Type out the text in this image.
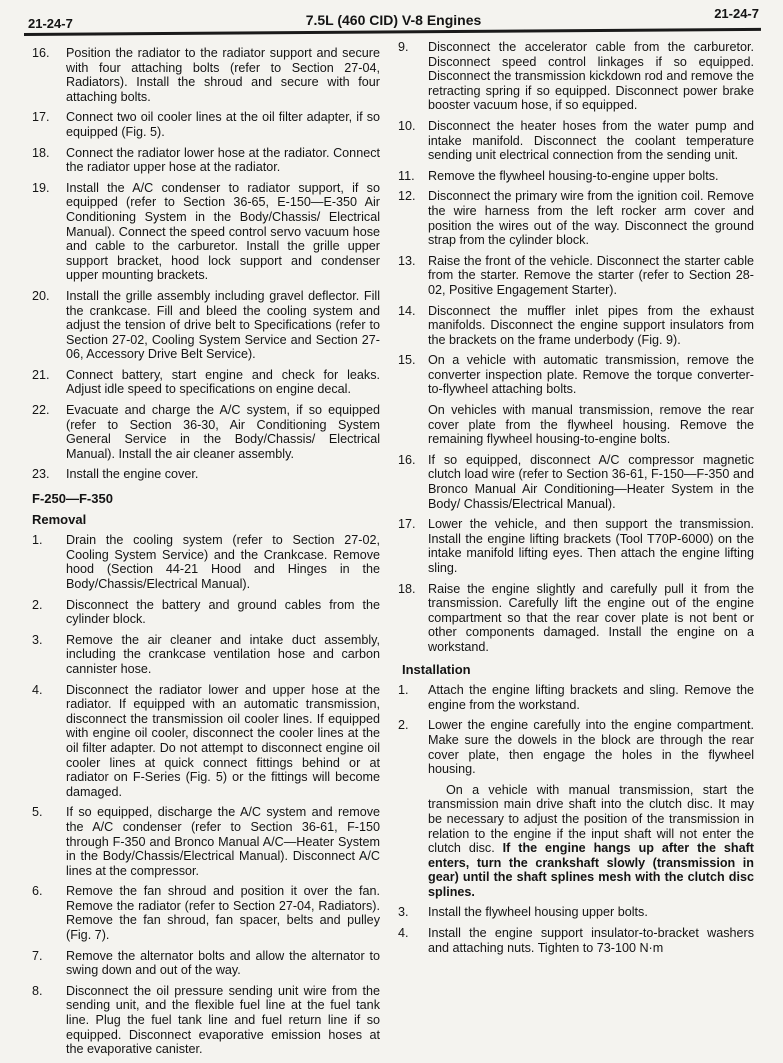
21-24-7	7.5L (460 CID) V-8 Engines	21-24-7
16.	Position the radiator to the radiator support and secure with four attaching bolts (refer to Section 27-04, Radiators). Install the shroud and secure with four attaching bolts.
17.	Connect two oil cooler lines at the oil filter adapter, if so equipped (Fig. 5).
18.	Connect the radiator lower hose at the radiator. Connect the radiator upper hose at the radiator.
19.	Install the A/C condenser to radiator support, if so equipped (refer to Section 36-65, E-150—E-350 Air Conditioning System in the Body/Chassis/ Electrical Manual). Connect the speed control servo vacuum hose and cable to the carburetor. Install the grille upper support bracket, hood lock support and condenser upper mounting brackets.
20.	Install the grille assembly including gravel deflector. Fill the crankcase. Fill and bleed the cooling system and adjust the tension of drive belt to Specifications (refer to Section 27-02, Cooling System Service and Section 27-06, Accessory Drive Belt Service).
21.	Connect battery, start engine and check for leaks. Adjust idle speed to specifications on engine decal.
22.	Evacuate and charge the A/C system, if so equipped (refer to Section 36-30, Air Conditioning System General Service in the Body/Chassis/ Electrical Manual). Install the air cleaner assembly.
23.	Install the engine cover.
F-250—F-350
Removal
1.	Drain the cooling system (refer to Section 27-02, Cooling System Service) and the Crankcase. Remove hood (Section 44-21 Hood and Hinges in the Body/Chassis/Electrical Manual).
2.	Disconnect the battery and ground cables from the cylinder block.
3.	Remove the air cleaner and intake duct assembly, including the crankcase ventilation hose and carbon cannister hose.
4.	Disconnect the radiator lower and upper hose at the radiator. If equipped with an automatic transmission, disconnect the transmission oil cooler lines. If equipped with engine oil cooler, disconnect the cooler lines at the oil filter adapter. Do not attempt to disconnect engine oil cooler lines at quick connect fittings behind or at radiator on F-Series (Fig. 5) or the fittings will become damaged.
5.	If so equipped, discharge the A/C system and remove the A/C condenser (refer to Section 36-61, F-150 through F-350 and Bronco Manual A/C—Heater System in the Body/Chassis/Electrical Manual). Disconnect A/C lines at the compressor.
6.	Remove the fan shroud and position it over the fan. Remove the radiator (refer to Section 27-04, Radiators). Remove the fan shroud, fan spacer, belts and pulley (Fig. 7).
7.	Remove the alternator bolts and allow the alternator to swing down and out of the way.
8.	Disconnect the oil pressure sending unit wire from the sending unit, and the flexible fuel line at the fuel tank line. Plug the fuel tank line and fuel return line if so equipped. Disconnect evaporative emission hoses at the evaporative canister.
9.	Disconnect the accelerator cable from the carburetor. Disconnect speed control linkages if so equipped. Disconnect the transmission kickdown rod and remove the retracting spring if so equipped. Disconnect power brake booster vacuum hose, if so equipped.
10. Disconnect the heater hoses from the water pump and intake manifold. Disconnect the coolant temperature sending unit electrical connection from the sending unit.
11.	Remove the flywheel housing-to-engine upper bolts.
12. Disconnect the primary wire from the ignition coil. Remove the wire harness from the left rocker arm cover and position the wires out of the way. Disconnect the ground strap from the cylinder block.
13. Raise the front of the vehicle. Disconnect the starter cable from the starter. Remove the starter (refer to Section 28-02, Positive Engagement Starter).
14. Disconnect the muffler inlet pipes from the exhaust manifolds. Disconnect the engine support insulators from the brackets on the frame underbody (Fig. 9).
15. On a vehicle with automatic transmission, remove the converter inspection plate. Remove the torque converter-to-flywheel attaching bolts.
On vehicles with manual transmission, remove the rear cover plate from the flywheel housing. Remove the remaining flywheel housing-to-engine bolts.
16. If so equipped, disconnect A/C compressor magnetic clutch load wire (refer to Section 36-61, F-150—F-350 and Bronco Manual Air Conditioning—Heater System in the Body/ Chassis/Electrical Manual).
17. Lower the vehicle, and then support the transmission. Install the engine lifting brackets (Tool T70P-6000) on the intake manifold lifting eyes. Then attach the engine lifting sling.
18. Raise the engine slightly and carefully pull it from the transmission. Carefully lift the engine out of the engine compartment so that the rear cover plate is not bent or other components damaged. Install the engine on a workstand.
Installation
1.	Attach the engine lifting brackets and sling. Remove the engine from the workstand.
2.	Lower the engine carefully into the engine compartment. Make sure the dowels in the block are through the rear cover plate, then engage the holes in the flywheel housing.
On a vehicle with manual transmission, start the transmission main drive shaft into the clutch disc. It may be necessary to adjust the position of the transmission in relation to the engine if the input shaft will not enter the clutch disc. If the engine hangs up after the shaft enters, turn the crankshaft slowly (transmission in gear) until the shaft splines mesh with the clutch disc splines.
3.	Install the flywheel housing upper bolts.
4.	Install the engine support insulator-to-bracket washers and attaching nuts. Tighten to 73-100 N·m
